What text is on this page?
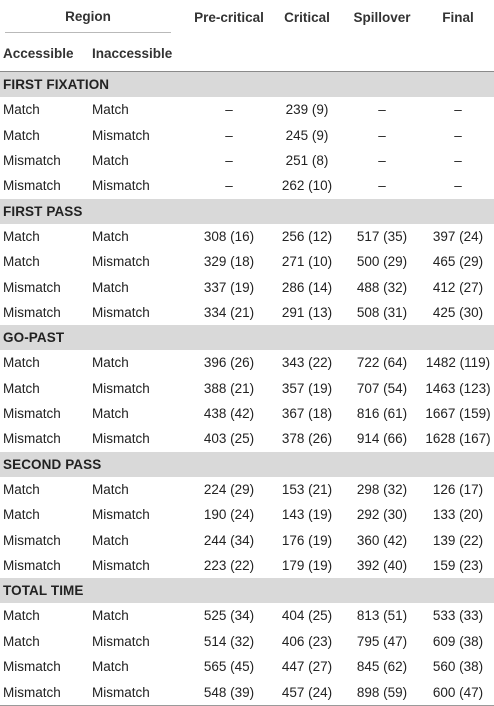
Region		Pre-critical	Critical	Spillover	Final
Accessible	Inaccessible				
FIRST FIXATION					
Match	Match	–	239 (9)	–	–
Match	Mismatch	–	245 (9)	–	–
Mismatch	Match	–	251 (8)	–	–
Mismatch	Mismatch	–	262 (10)	–	–
FIRST PASS					
Match	Match	308 (16)	256 (12)	517 (35)	397 (24)
Match	Mismatch	329 (18)	271 (10)	500 (29)	465 (29)
Mismatch	Match	337 (19)	286 (14)	488 (32)	412 (27)
Mismatch	Mismatch	334 (21)	291 (13)	508 (31)	425 (30)
GO-PAST					
Match	Match	396 (26)	343 (22)	722 (64)	1482 (119)
Match	Mismatch	388 (21)	357 (19)	707 (54)	1463 (123)
Mismatch	Match	438 (42)	367 (18)	816 (61)	1667 (159)
Mismatch	Mismatch	403 (25)	378 (26)	914 (66)	1628 (167)
SECOND PASS					
Match	Match	224 (29)	153 (21)	298 (32)	126 (17)
Match	Mismatch	190 (24)	143 (19)	292 (30)	133 (20)
Mismatch	Match	244 (34)	176 (19)	360 (42)	139 (22)
Mismatch	Mismatch	223 (22)	179 (19)	392 (40)	159 (23)
TOTAL TIME					
Match	Match	525 (34)	404 (25)	813 (51)	533 (33)
Match	Mismatch	514 (32)	406 (23)	795 (47)	609 (38)
Mismatch	Match	565 (45)	447 (27)	845 (62)	560 (38)
Mismatch	Mismatch	548 (39)	457 (24)	898 (59)	600 (47)
